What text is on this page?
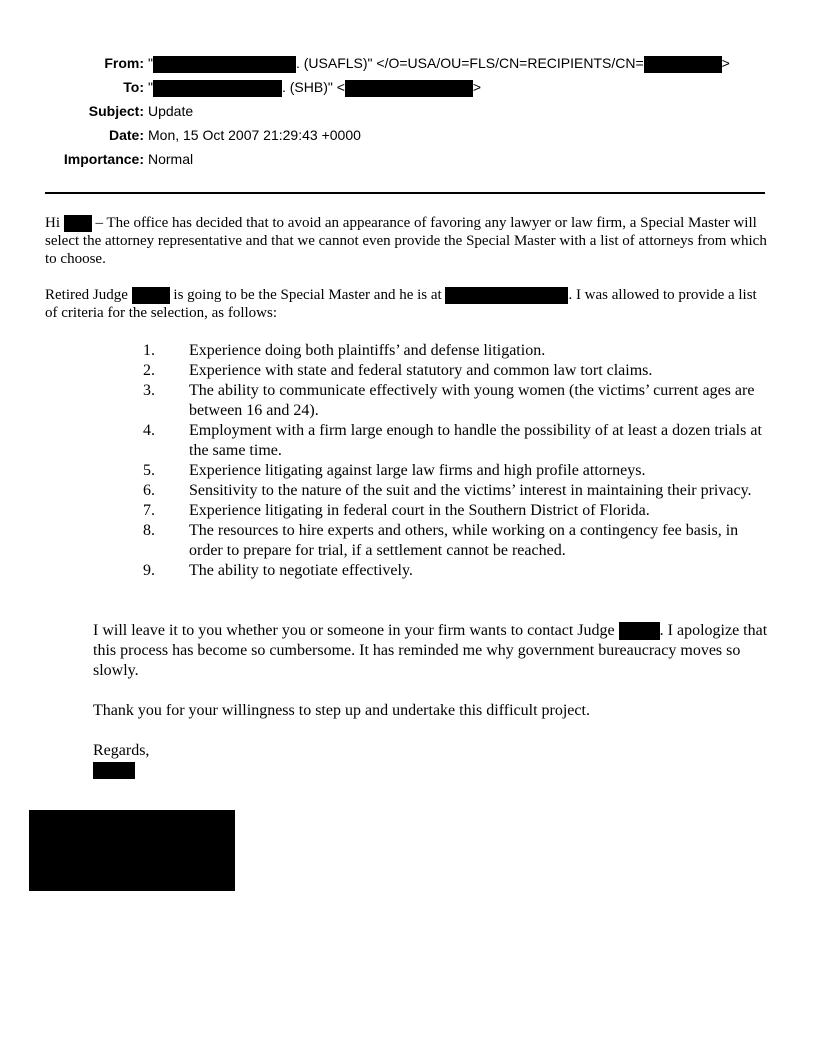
From: "	. (USAFLS)" </O=USA/OU=FLS/CN=RECIPIENTS/CN=	>
To: "	. (SHB)" <	>
Subject: Update
Date: Mon, 15 Oct 2007 21:29:43 +0000
Importance: Normal
Hi  – The office has decided that to avoid an appearance of favoring any lawyer or law firm, a Special Master will select the attorney representative and that we cannot even provide the Special Master with a list of attorneys from which to choose.
Retired Judge	is going to be the Special Master and he is at	. I was allowed to provide a list of criteria for the selection, as follows:
1. Experience doing both plaintiffs’ and defense litigation.
2. Experience with state and federal statutory and common law tort claims.
3. The ability to communicate effectively with young women (the victims’ current ages are between 16 and 24).
4. Employment with a firm large enough to handle the possibility of at least a dozen trials at the same time.
5. Experience litigating against large law firms and high profile attorneys.
6. Sensitivity to the nature of the suit and the victims’ interest in maintaining their privacy.
7. Experience litigating in federal court in the Southern District of Florida.
8. The resources to hire experts and others, while working on a contingency fee basis, in order to prepare for trial, if a settlement cannot be reached.
9. The ability to negotiate effectively.
I will leave it to you whether you or someone in your firm wants to contact Judge	. I apologize that this process has become so cumbersome. It has reminded me why government bureaucracy moves so slowly.
Thank you for your willingness to step up and undertake this difficult project.
Regards,
